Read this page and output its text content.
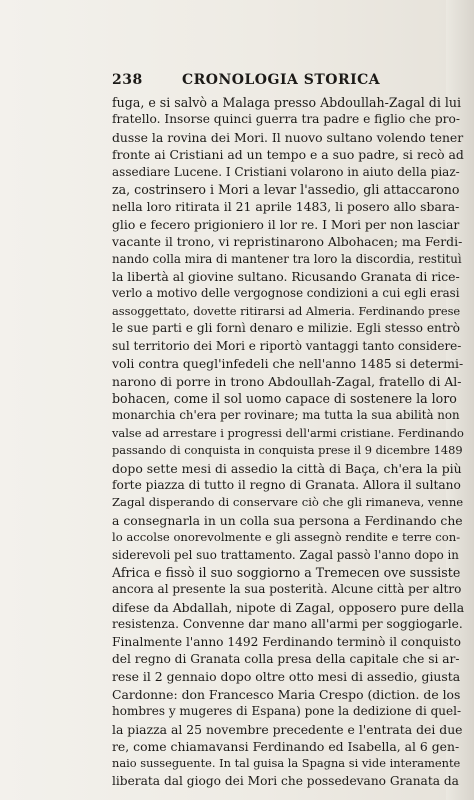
238	CRONOLOGIA STORICA
fuga, e si salvò a Malaga presso Abdoullah-Zagal di lui
fratello. Insorse quinci guerra tra padre e figlio che pro-
dusse la rovina dei Mori. Il nuovo sultano volendo tener
fronte ai Cristiani ad un tempo e a suo padre, si recò ad
assediare Lucene. I Cristiani volarono in aiuto della piaz-
za, costrinsero i Mori a levar l'assedio, gli attaccarono
nella loro ritirata il 21 aprile 1483, li posero allo sbara-
glio e fecero prigioniero il lor re. I Mori per non lasciar
vacante il trono, vi repristinarono Albohacen; ma Ferdi-
nando colla mira di mantener tra loro la discordia, restituì
la libertà al giovine sultano. Ricusando Granata di rice-
verlo a motivo delle vergognose condizioni a cui egli erasi
assoggettato, dovette ritirarsi ad Almeria. Ferdinando prese
le sue parti e gli fornì denaro e milizie. Egli stesso entrò
sul territorio dei Mori e riportò vantaggi tanto considere-
voli contra quegl'infedeli che nell'anno 1485 si determi-
narono di porre in trono Abdoullah-Zagal, fratello di Al-
bohacen, come il sol uomo capace di sostenere la loro
monarchia ch'era per rovinare; ma tutta la sua abilità non
valse ad arrestare i progressi dell'armi cristiane. Ferdinando
passando di conquista in conquista prese il 9 dicembre 1489
dopo sette mesi di assedio la città di Baça, ch'era la più
forte piazza di tutto il regno di Granata. Allora il sultano
Zagal disperando di conservare ciò che gli rimaneva, venne
a consegnarla in un colla sua persona a Ferdinando che
lo accolse onorevolmente e gli assegnò rendite e terre con-
siderevoli pel suo trattamento. Zagal passò l'anno dopo in
Africa e fissò il suo soggiorno a Tremecen ove sussiste
ancora al presente la sua posterità. Alcune città per altro
difese da Abdallah, nipote di Zagal, opposero pure della
resistenza. Convenne dar mano all'armi per soggiogarle.
Finalmente l'anno 1492 Ferdinando terminò il conquisto
del regno di Granata colla presa della capitale che si ar-
rese il 2 gennaio dopo oltre otto mesi di assedio, giusta
Cardonne: don Francesco Maria Crespo (diction. de los
hombres y mugeres di Espana) pone la dedizione di quel-
la piazza al 25 novembre precedente e l'entrata dei due
re, come chiamavansi Ferdinando ed Isabella, al 6 gen-
naio susseguente. In tal guisa la Spagna si vide interamente
liberata dal giogo dei Mori che possedevano Granata da
